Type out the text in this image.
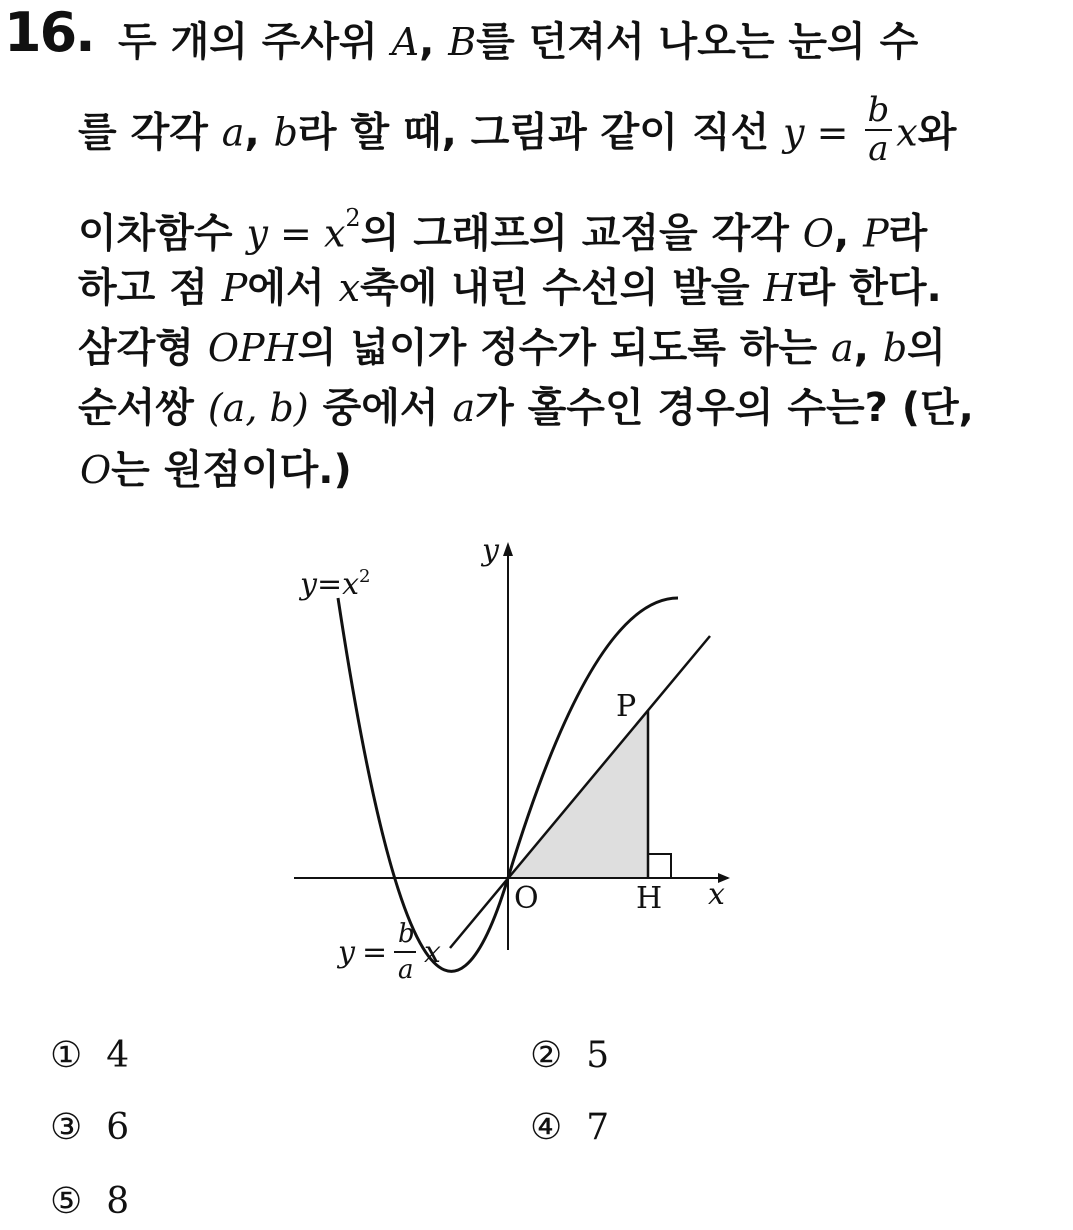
16. 두 개의 주사위 A, B를 던져서 나오는 눈의 수
를 각각 a, b라 할 때, 그림과 같이 직선 $y = \frac{b}{a}$ x와
이차함수 $y = x^2$의 그래프의 교점을 각각 O, P라
하고 점 P에서 x축에 내린 수선의 발을 H라 한다.
삼각형 OPH의 넓이가 정수가 되도록 하는 a, b의
순서쌍 (a, b) 중에서 a가 홀수인 경우의 수는? (단,
O는 원점이다.)
y
x
O
P
H
$y=x^2$
y =
b
a x
① 4	② 5
③ 6	④ 7
⑤ 8
